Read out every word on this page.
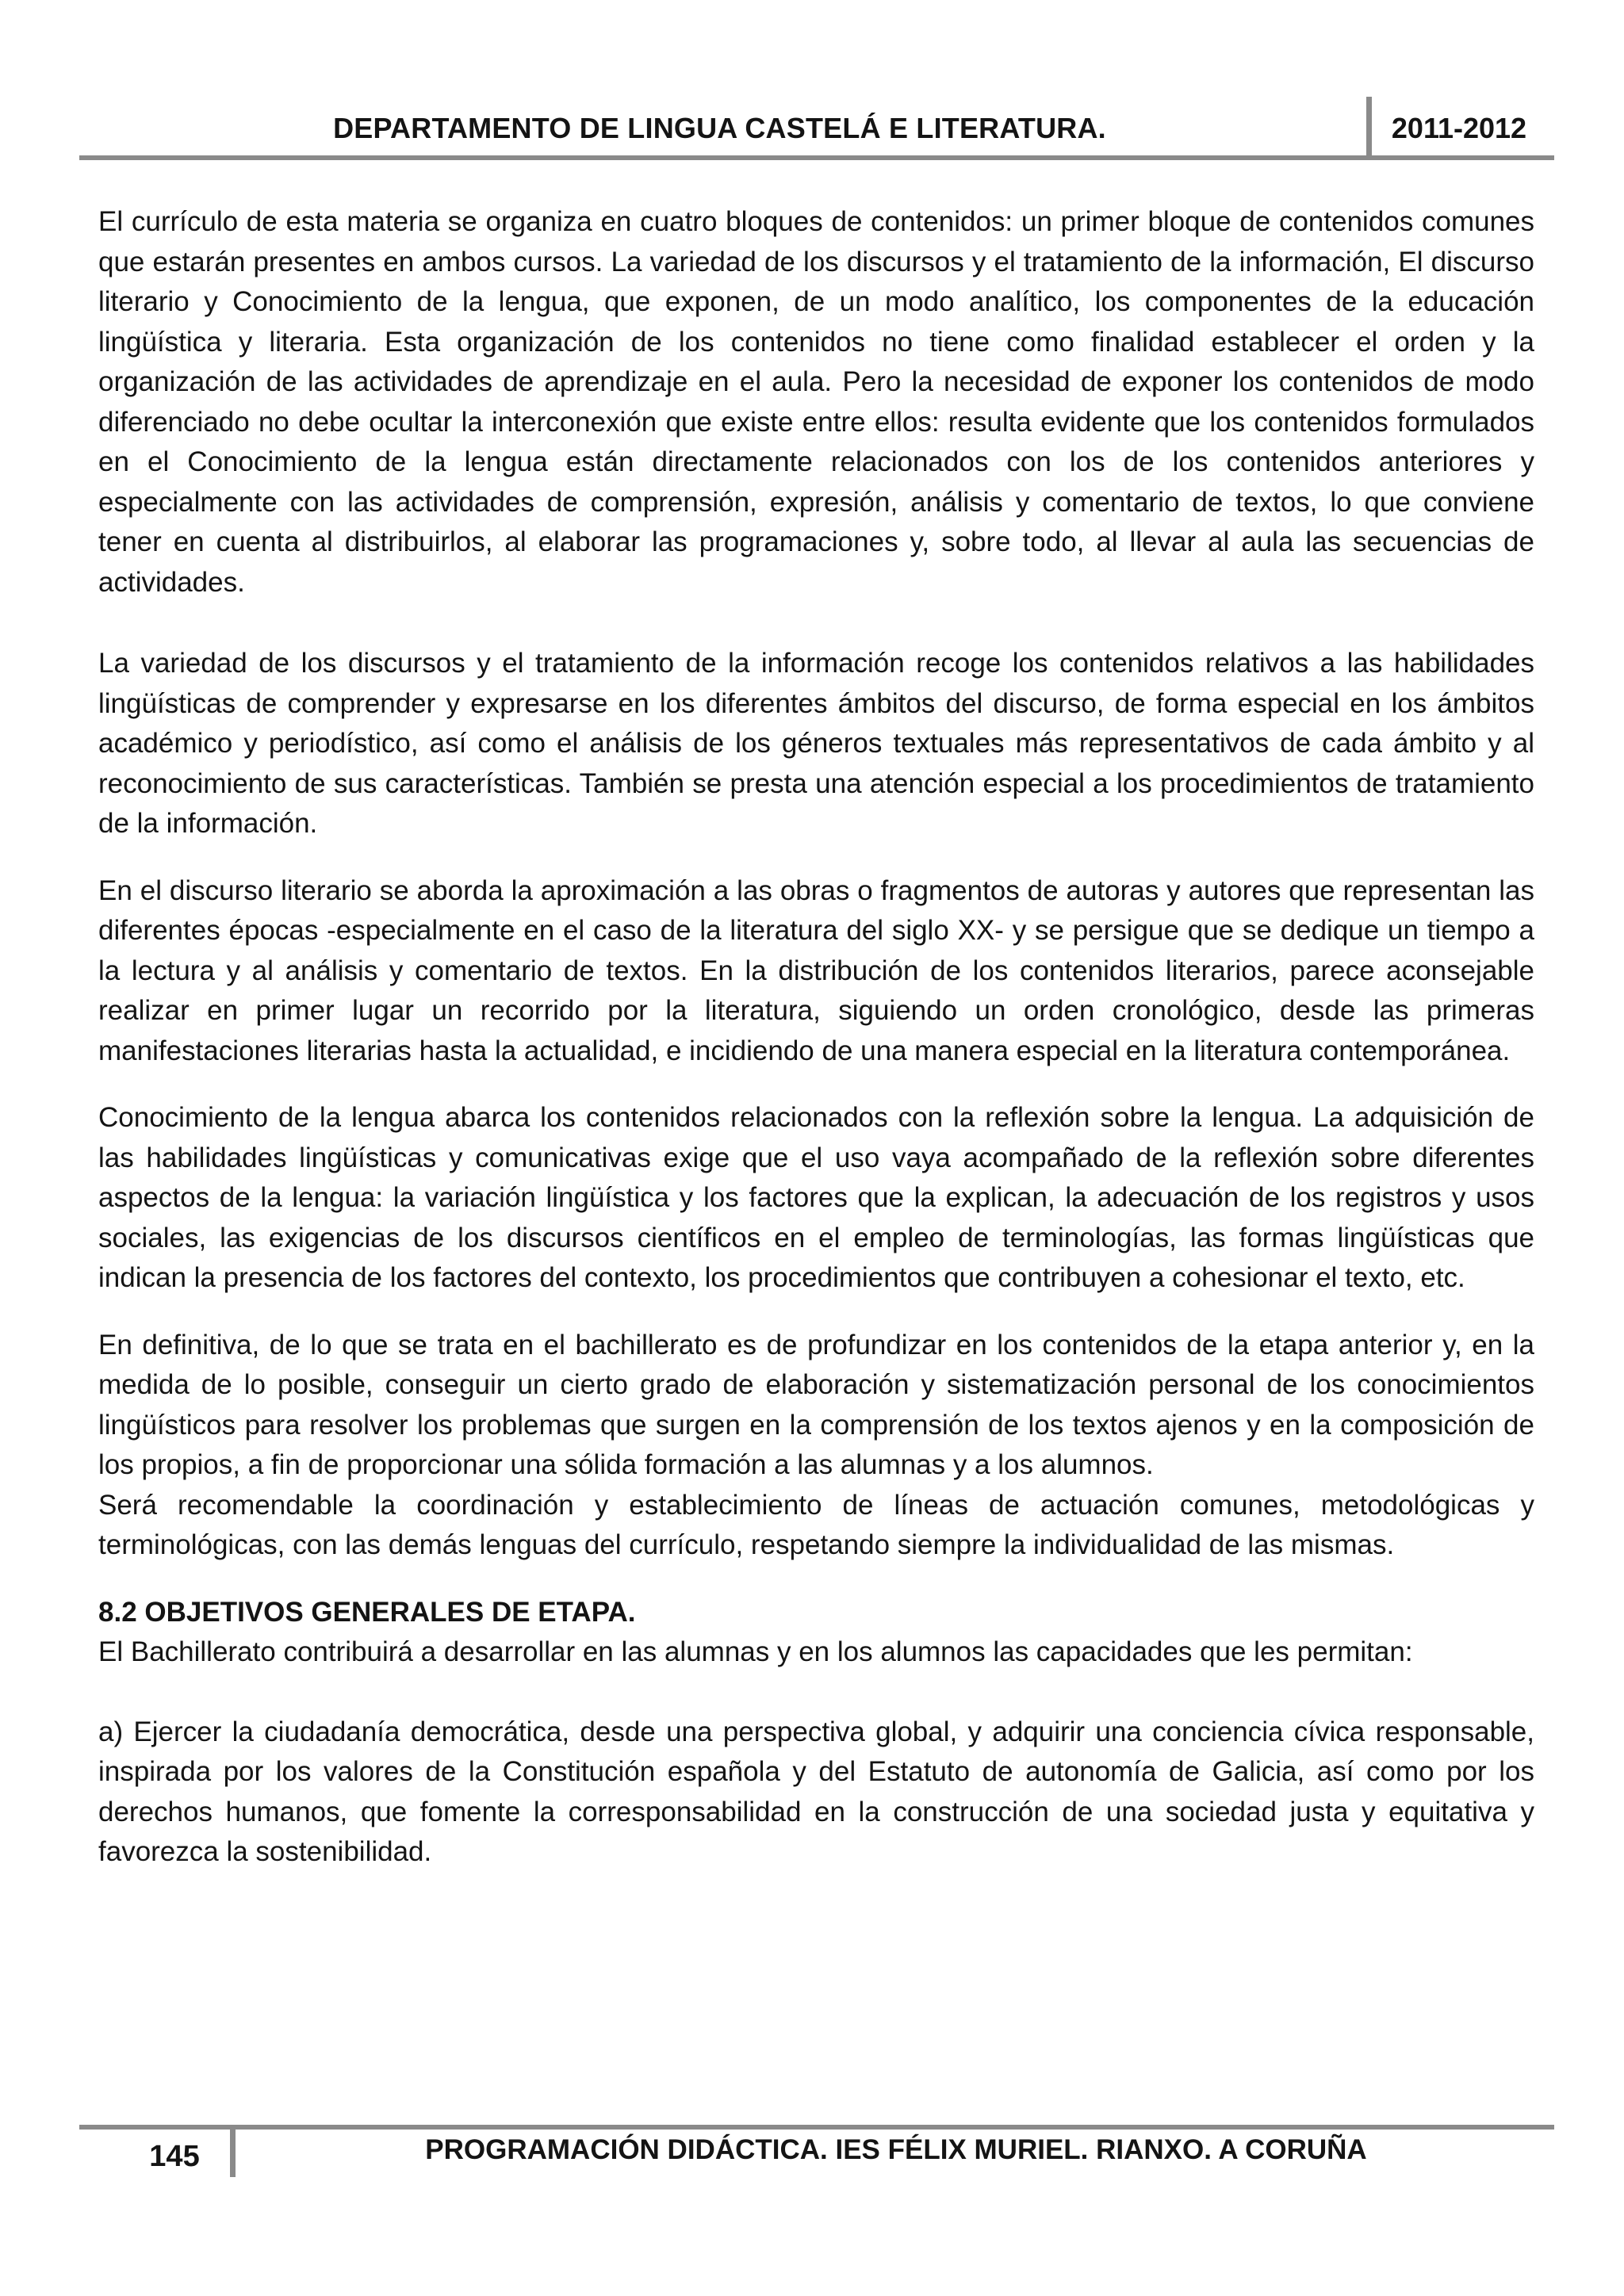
DEPARTAMENTO DE LINGUA CASTELÁ E LITERATURA.	2011-2012

El currículo de esta materia se organiza en cuatro bloques de contenidos: un primer bloque de contenidos comunes que estarán presentes en ambos cursos. La variedad de los discursos y el tratamiento de la información, El discurso literario y Conocimiento de la lengua, que exponen, de un modo analítico, los componentes de la educación lingüística y literaria. Esta organización de los contenidos no tiene como finalidad establecer el orden y la organización de las actividades de aprendizaje en el aula. Pero la necesidad de exponer los contenidos de modo diferenciado no debe ocultar la interconexión que existe entre ellos: resulta evidente que los contenidos formulados en el Conocimiento de la lengua están directamente relacionados con los de los contenidos anteriores y especialmente con las actividades de comprensión, expresión, análisis y comentario de textos, lo que conviene tener en cuenta al distribuirlos, al elaborar las programaciones y, sobre todo, al llevar al aula las secuencias de actividades.

La variedad de los discursos y el tratamiento de la información recoge los contenidos relativos a las habilidades lingüísticas de comprender y expresarse en los diferentes ámbitos del discurso, de forma especial en los ámbitos académico y periodístico, así como el análisis de los géneros textuales más representativos de cada ámbito y al reconocimiento de sus características. También se presta una atención especial a los procedimientos de tratamiento de la información.

En el discurso literario se aborda la aproximación a las obras o fragmentos de autoras y autores que representan las diferentes épocas -especialmente en el caso de la literatura del siglo XX- y se persigue que se dedique un tiempo a la lectura y al análisis y comentario de textos. En la distribución de los contenidos literarios, parece aconsejable realizar en primer lugar un recorrido por la literatura, siguiendo un orden cronológico, desde las primeras manifestaciones literarias hasta la actualidad, e incidiendo de una manera especial en la literatura contemporánea.

Conocimiento de la lengua abarca los contenidos relacionados con la reflexión sobre la lengua. La adquisición de las habilidades lingüísticas y comunicativas exige que el uso vaya acompañado de la reflexión sobre diferentes aspectos de la lengua: la variación lingüística y los factores que la explican, la adecuación de los registros y usos sociales, las exigencias de los discursos científicos en el empleo de terminologías, las formas lingüísticas que indican la presencia de los factores del contexto, los procedimientos que contribuyen a cohesionar el texto, etc.

En definitiva, de lo que se trata en el bachillerato es de profundizar en los contenidos de la etapa anterior y, en la medida de lo posible, conseguir un cierto grado de elaboración y sistematización personal de los conocimientos lingüísticos para resolver los problemas que surgen en la comprensión de los textos ajenos y en la composición de los propios, a fin de proporcionar una sólida formación a las alumnas y a los alumnos.

Será recomendable la coordinación y establecimiento de líneas de actuación comunes, metodológicas y terminológicas, con las demás lenguas del currículo, respetando siempre la individualidad de las mismas.

8.2 OBJETIVOS GENERALES DE ETAPA.

El Bachillerato contribuirá a desarrollar en las alumnas y en los alumnos las capacidades que les permitan:

a) Ejercer la ciudadanía democrática, desde una perspectiva global, y adquirir una conciencia cívica responsable, inspirada por los valores de la Constitución española y del Estatuto de autonomía de Galicia, así como por los derechos humanos, que fomente la corresponsabilidad en la construcción de una sociedad justa y equitativa y favorezca la sostenibilidad.

145	PROGRAMACIÓN DIDÁCTICA. IES FÉLIX MURIEL. RIANXO. A CORUÑA
